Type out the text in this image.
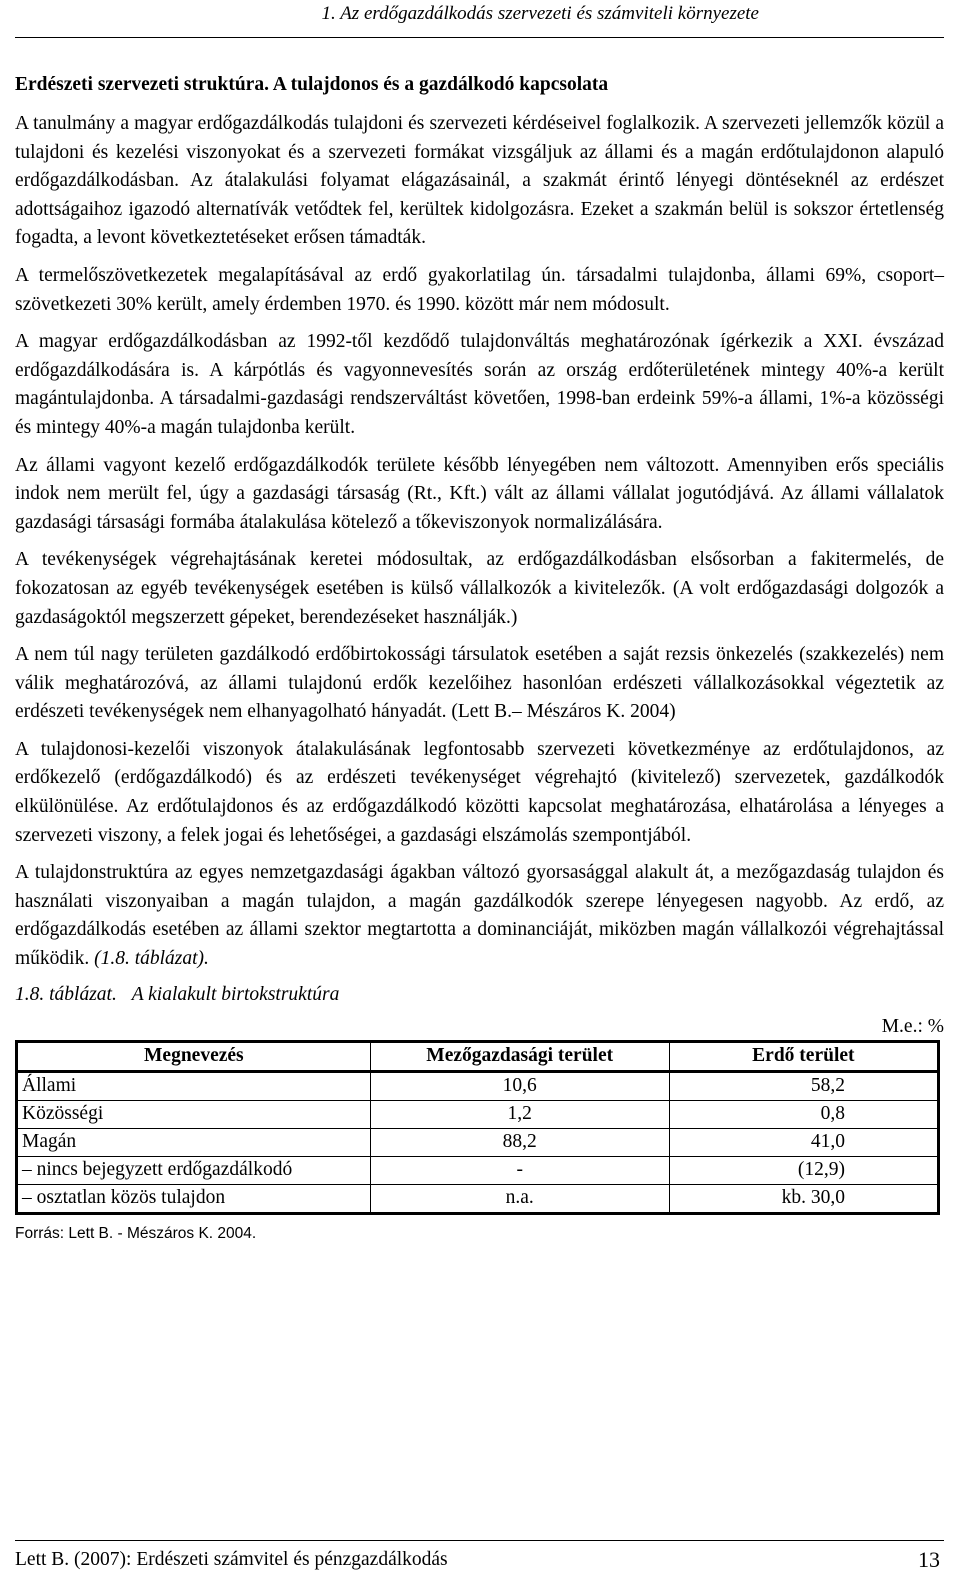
1. Az erdőgazdálkodás szervezeti és számviteli környezete
Erdészeti szervezeti struktúra. A tulajdonos és a gazdálkodó kapcsolata

A tanulmány a magyar erdőgazdálkodás tulajdoni és szervezeti kérdéseivel foglalkozik. A szervezeti jellemzők közül a tulajdoni és kezelési viszonyokat és a szervezeti formákat vizsgáljuk az állami és a magán erdőtulajdonon alapuló erdőgazdálkodásban. Az átalakulási folyamat elágazásainál, a szakmát érintő lényegi döntéseknél az erdészet adottságaihoz igazodó alternatívák vetődtek fel, kerültek kidolgozásra. Ezeket a szakmán belül is sokszor értetlenség fogadta, a levont következtetéseket erősen támadták.

A termelőszövetkezetek megalapításával az erdő gyakorlatilag ún. társadalmi tulajdonba, állami 69%, csoport–szövetkezeti 30% került, amely érdemben 1970. és 1990. között már nem módosult.

A magyar erdőgazdálkodásban az 1992-től kezdődő tulajdonváltás meghatározónak ígérkezik a XXI. évszázad erdőgazdálkodására is. A kárpótlás és vagyonnevesítés során az ország erdőterületének mintegy 40%-a került magántulajdonba. A társadalmi-gazdasági rendszerváltást követően, 1998-ban erdeink 59%-a állami, 1%-a közösségi és mintegy 40%-a magán tulajdonba került.

Az állami vagyont kezelő erdőgazdálkodók területe később lényegében nem változott. Amennyiben erős speciális indok nem merült fel, úgy a gazdasági társaság (Rt., Kft.) vált az állami vállalat jogutódjává. Az állami vállalatok gazdasági társasági formába átalakulása kötelező a tőkeviszonyok normalizálására.

A tevékenységek végrehajtásának keretei módosultak, az erdőgazdálkodásban elsősorban a fakitermelés, de fokozatosan az egyéb tevékenységek esetében is külső vállalkozók a kivitelezők. (A volt erdőgazdasági dolgozók a gazdaságoktól megszerzett gépeket, berendezéseket használják.)

A nem túl nagy területen gazdálkodó erdőbirtokossági társulatok esetében a saját rezsis önkezelés (szakkezelés) nem válik meghatározóvá, az állami tulajdonú erdők kezelőihez hasonlóan erdészeti vállalkozásokkal végeztetik az erdészeti tevékenységek nem elhanyagolható hányadát. (Lett B.– Mészáros K. 2004)

A tulajdonosi-kezelői viszonyok átalakulásának legfontosabb szervezeti következménye az erdőtulajdonos, az erdőkezelő (erdőgazdálkodó) és az erdészeti tevékenységet végrehajtó (kivitelező) szervezetek, gazdálkodók elkülönülése. Az erdőtulajdonos és az erdőgazdálkodó közötti kapcsolat meghatározása, elhatárolása a lényeges a szervezeti viszony, a felek jogai és lehetőségei, a gazdasági elszámolás szempontjából.

A tulajdonstruktúra az egyes nemzetgazdasági ágakban változó gyorsasággal alakult át, a mezőgazdaság tulajdon és használati viszonyaiban a magán tulajdon, a magán gazdálkodók szerepe lényegesen nagyobb. Az erdő, az erdőgazdálkodás esetében az állami szektor megtartotta a dominanciáját, miközben magán vállalkozói végrehajtással működik. (1.8. táblázat).

1.8. táblázat. A kialakult birtokstruktúra
M.e.: %
Megnevezés	Mezőgazdasági terület	Erdő terület
Állami	10,6	58,2
Közösségi	1,2	0,8
Magán	88,2	41,0
– nincs bejegyzett erdőgazdálkodó	-	(12,9)
– osztatlan közös tulajdon	n.a.	kb. 30,0
Forrás: Lett B. - Mészáros K. 2004.
Lett B. (2007): Erdészeti számvitel és pénzgazdálkodás	13
